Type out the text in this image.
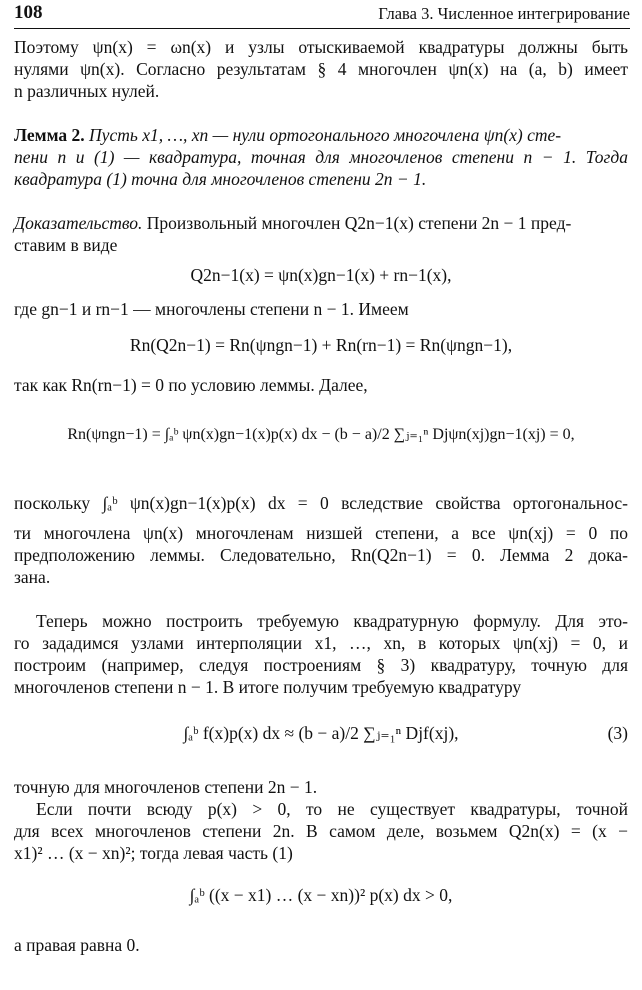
108	Глава 3. Численное интегрирование
Поэтому ψn(x) = ωn(x) и узлы отыскиваемой квадратуры должны быть
нулями ψn(x). Согласно результатам § 4 многочлен ψn(x) на (a, b) имеет
n различных нулей.
Лемма 2. Пусть x1, …, xn — нули ортогонального многочлена ψn(x) сте-
пени n и (1) — квадратура, точная для многочленов степени n − 1. Тогда
квадратура (1) точна для многочленов степени 2n − 1.
Доказательство. Произвольный многочлен Q2n−1(x) степени 2n − 1 пред-
ставим в виде
Q2n−1(x) = ψn(x)gn−1(x) + rn−1(x),
где gn−1 и rn−1 — многочлены степени n − 1. Имеем
Rn(Q2n−1) = Rn(ψngn−1) + Rn(rn−1) = Rn(ψngn−1),
так как Rn(rn−1) = 0 по условию леммы. Далее,
Rn(ψngn−1) = ∫ₐᵇ ψn(x)gn−1(x)p(x) dx − (b − a)/2 ∑ⱼ₌₁ⁿ Djψn(xj)gn−1(xj) = 0,
поскольку ∫ₐᵇ ψn(x)gn−1(x)p(x) dx = 0 вследствие свойства ортогональнос-
ти многочлена ψn(x) многочленам низшей степени, а все ψn(xj) = 0 по
предположению леммы. Следовательно, Rn(Q2n−1) = 0. Лемма 2 дока-
зана.
Теперь можно построить требуемую квадратурную формулу. Для это-
го зададимся узлами интерполяции x1, …, xn, в которых ψn(xj) = 0, и
построим (например, следуя построениям § 3) квадратуру, точную для
многочленов степени n − 1. В итоге получим требуемую квадратуру
∫ₐᵇ f(x)p(x) dx ≈ (b − a)/2 ∑ⱼ₌₁ⁿ Djf(xj),	(3)
точную для многочленов степени 2n − 1.
Если почти всюду p(x) > 0, то не существует квадратуры, точной
для всех многочленов степени 2n. В самом деле, возьмем Q2n(x) = (x −
x1)² … (x − xn)²; тогда левая часть (1)
∫ₐᵇ ((x − x1) … (x − xn))² p(x) dx > 0,
а правая равна 0.
